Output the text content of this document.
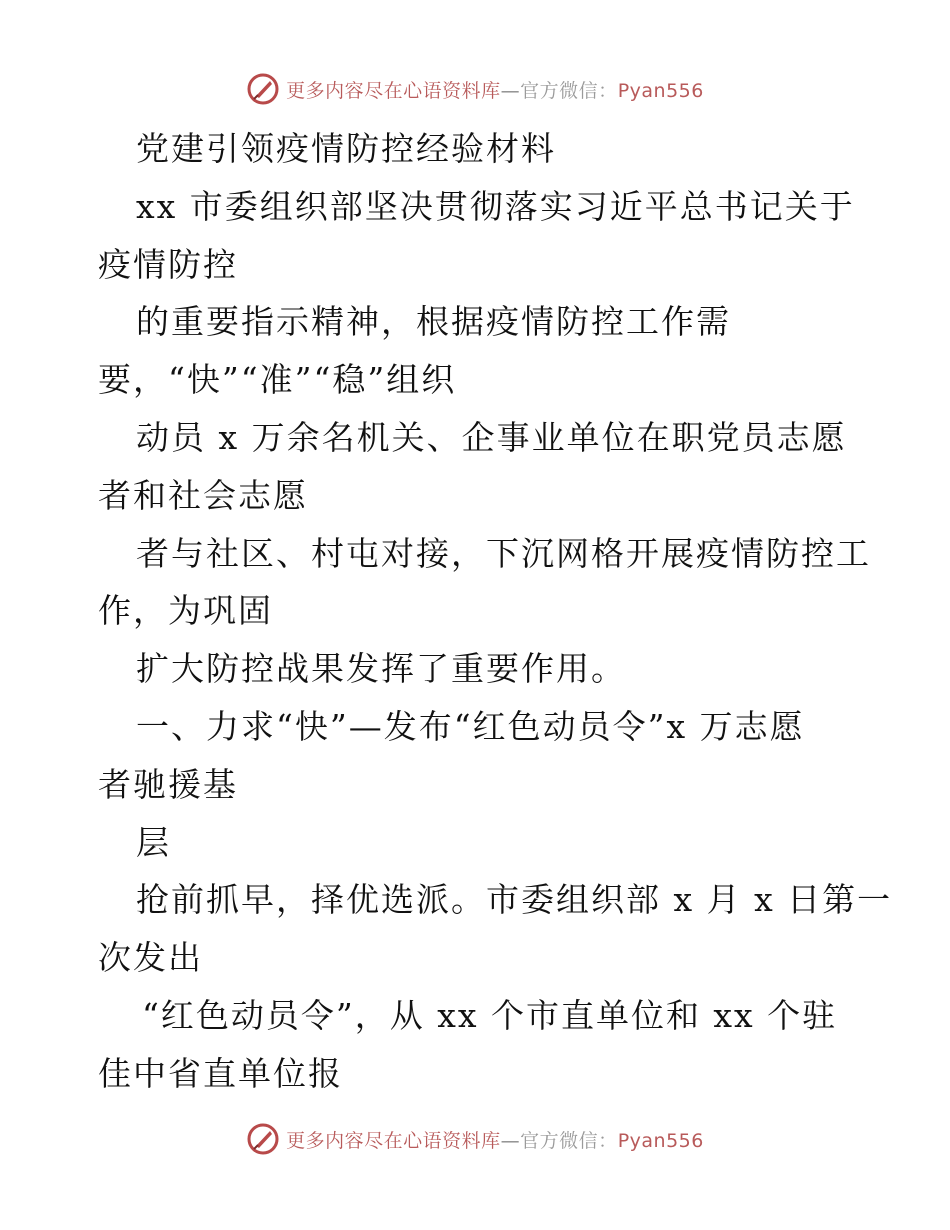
更多内容尽在心语资料库—官方微信：Pyan556
党建引领疫情防控经验材料
xx 市委组织部坚决贯彻落实习近平总书记关于
疫情防控
的重要指示精神，根据疫情防控工作需
要，“快”“准”“稳”组织
动员 x 万余名机关、企事业单位在职党员志愿
者和社会志愿
者与社区、村屯对接，下沉网格开展疫情防控工
作，为巩固
扩大防控战果发挥了重要作用。
一、力求“快”—发布“红色动员令”x 万志愿
者驰援基
层
抢前抓早，择优选派。市委组织部 x 月 x 日第一
次发出
“红色动员令”，从 xx 个市直单位和 xx 个驻
佳中省直单位报
更多内容尽在心语资料库—官方微信：Pyan556
